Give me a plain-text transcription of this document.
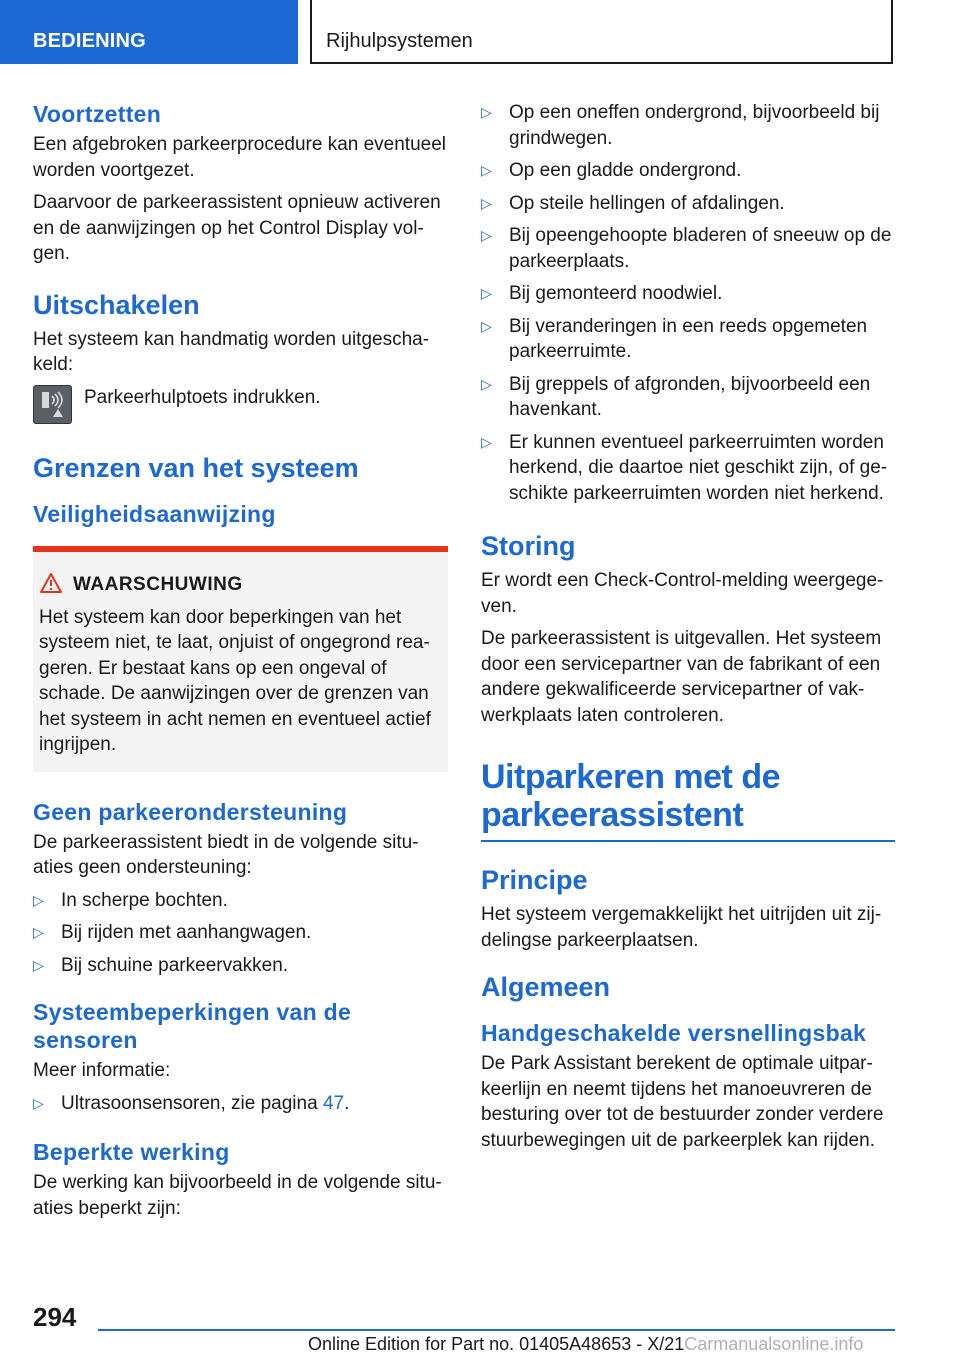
BEDIENING	Rijhulpsystemen
Voortzetten

Een afgebroken parkeerprocedure kan eventueel worden voortgezet.

Daarvoor de parkeerassistent opnieuw activeren en de aanwijzingen op het Control Display volgen.

Uitschakelen

Het systeem kan handmatig worden uitgeschakeld:

Parkeerhulptoets indrukken.
Grenzen van het systeem
Veiligheidsaanwijzing
WAARSCHUWING

Het systeem kan door beperkingen van het systeem niet, te laat, onjuist of ongegrond reageren. Er bestaat kans op een ongeval of schade. De aanwijzingen over de grenzen van het systeem in acht nemen en eventueel actief ingrijpen.

Geen parkeerondersteuning

De parkeerassistent biedt in de volgende situaties geen ondersteuning:

▷ In scherpe bochten.
▷ Bij rijden met aanhangwagen.
▷ Bij schuine parkeervakken.
Systeembeperkingen van de sensoren

Meer informatie:

▷ Ultrasoonsensoren, zie pagina 47.
Beperkte werking

De werking kan bijvoorbeeld in de volgende situaties beperkt zijn:

▷ Op een oneffen ondergrond, bijvoorbeeld bij grindwegen.
▷ Op een gladde ondergrond.
▷ Op steile hellingen of afdalingen.
▷ Bij opeengehoopte bladeren of sneeuw op de parkeerplaats.
▷ Bij gemonteerd noodwiel.
▷ Bij veranderingen in een reeds opgemeten parkeerruimte.
▷ Bij greppels of afgronden, bijvoorbeeld een havenkant.
▷ Er kunnen eventueel parkeerruimten worden herkend, die daartoe niet geschikt zijn, of geschikte parkeerruimten worden niet herkend.
Storing

Er wordt een Check-Control-melding weergegeven.

De parkeerassistent is uitgevallen. Het systeem door een servicepartner van de fabrikant of een andere gekwalificeerde servicepartner of vakwerkplaats laten controleren.

Uitparkeren met de parkeerassistent
Principe

Het systeem vergemakkelijkt het uitrijden uit zijdelingse parkeerplaatsen.

Algemeen
Handgeschakelde versnellingsbak

De Park Assistant berekent de optimale uitparkeerlijn en neemt tijdens het manoeuvreren de besturing over tot de bestuurder zonder verdere stuurbewegingen uit de parkeerplek kan rijden.

294
Online Edition for Part no. 01405A48653 - X/21Carmanualsonline.info
